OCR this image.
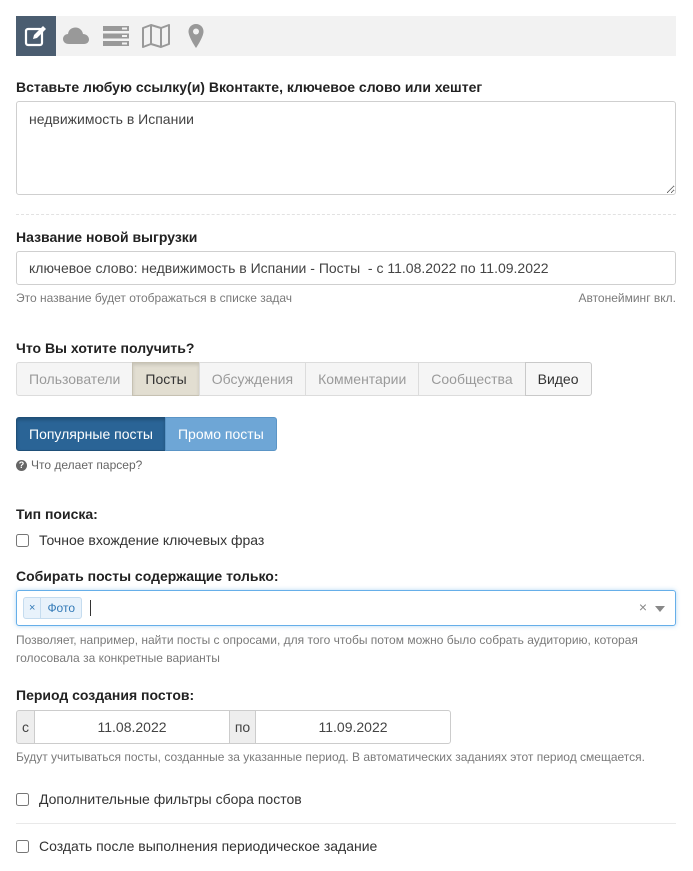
Вставьте любую ссылку(и) Вконтакте, ключевое слово или хештег
недвижимость в Испании
Название новой выгрузки
ключевое слово: недвижимость в Испании - Посты - с 11.08.2022 по 11.09.2022
Это название будет отображаться в списке задач	Автонейминг вкл.
Что Вы хотите получить?
Пользователи	Посты	Обсуждения	Комментарии	Сообщества	Видео
Популярные посты	Промо посты
? Что делает парсер?
Тип поиска:
Точное вхождение ключевых фраз
Собирать посты содержащие только:
×	Фото	×
Позволяет, например, найти посты с опросами, для того чтобы потом можно было собрать аудиторию, которая голосовала за конкретные варианты
Период создания постов:
с
11.08.2022	по
11.09.2022
Будут учитываться посты, созданные за указанные период. В автоматических заданиях этот период смещается.
Дополнительные фильтры сбора постов
Создать после выполнения периодическое задание
